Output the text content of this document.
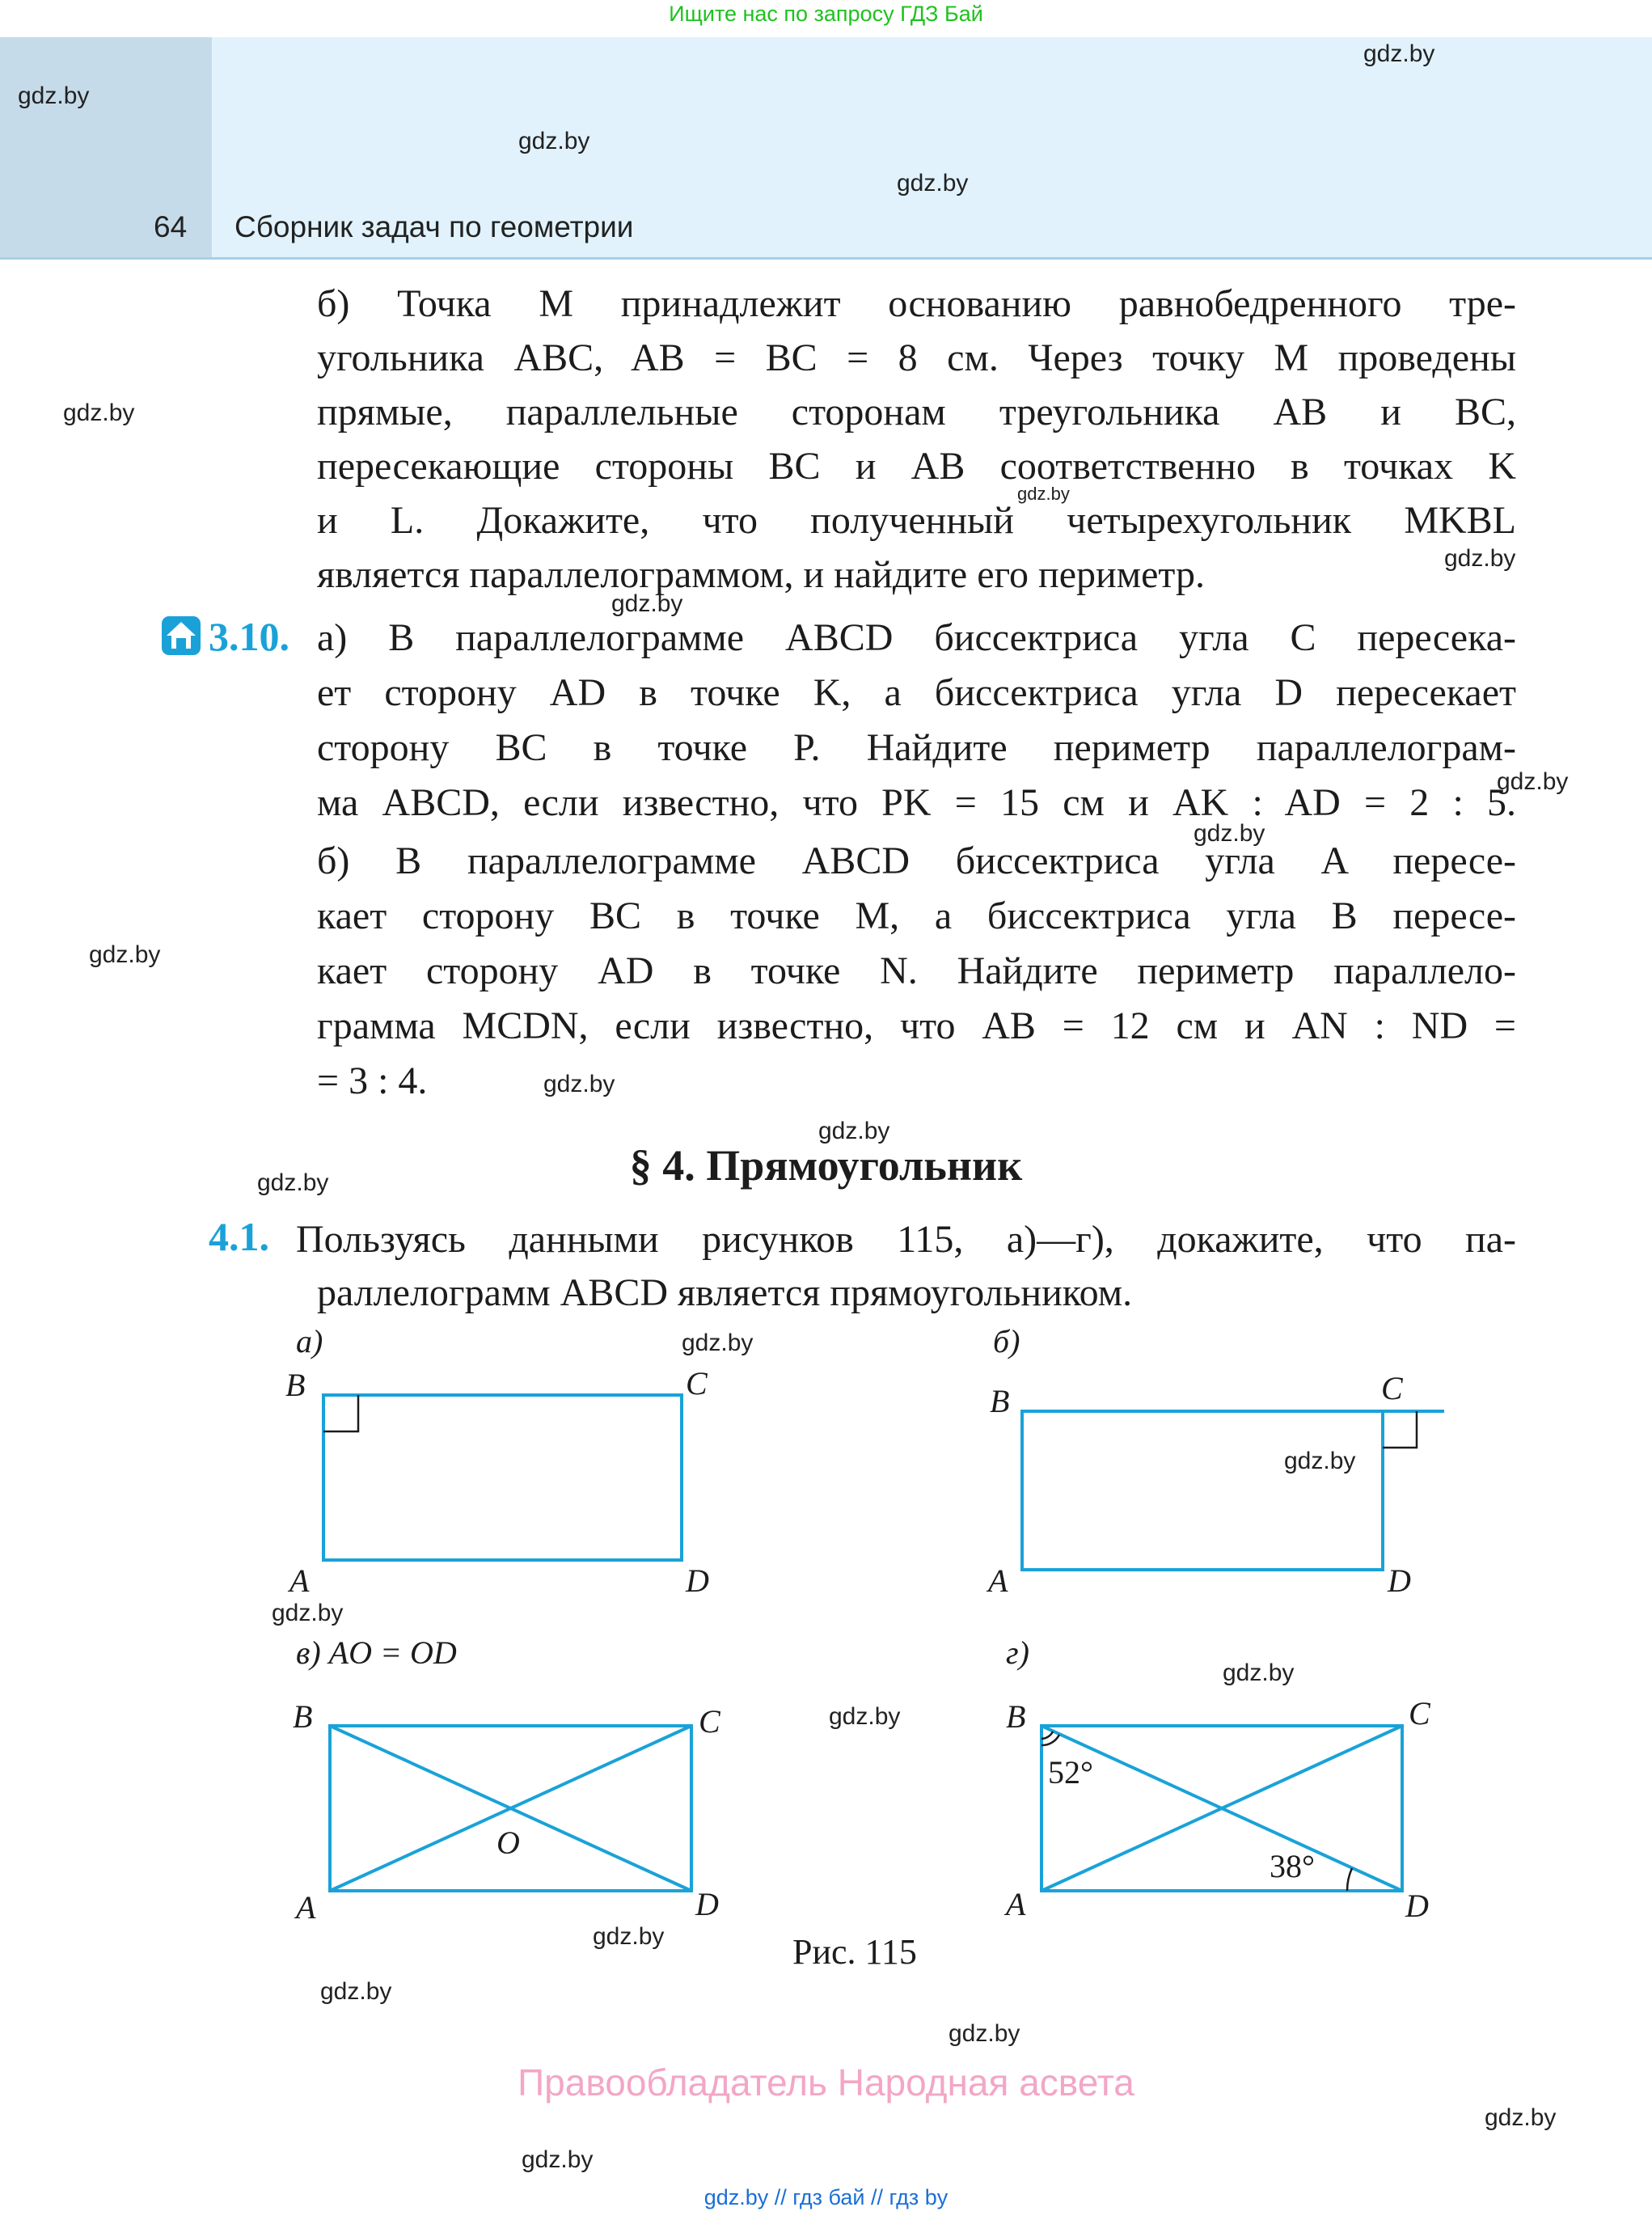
Ищите нас по запросу ГДЗ Бай
64 Сборник задач по геометрии
gdz.by
gdz.by
gdz.by
gdz.by
gdz.by
gdz.by
gdz.by
gdz.by
gdz.by
gdz.by
gdz.by
gdz.by
gdz.by
gdz.by
gdz.by
gdz.by
gdz.by
gdz.by
gdz.by
gdz.by
gdz.by
gdz.by
gdz.by
gdz.by
б) Точка M принадлежит основанию равнобедренного тре-
угольника ABC, AB = BC = 8 см. Через точку M проведены
прямые, параллельные сторонам треугольника AB и BC,
пересекающие стороны BC и AB соответственно в точках K
и L. Докажите, что полученный четырехугольник MKBL
является параллелограммом, и найдите его периметр.
3.10. а) В параллелограмме ABCD биссектриса угла C пересека-
ет сторону AD в точке K, а биссектриса угла D пересекает
сторону BC в точке P. Найдите периметр параллелограм-
ма ABCD, если известно, что PK = 15 см и AK : AD = 2 : 5.
б) В параллелограмме ABCD биссектриса угла A пересе-
кает сторону BC в точке M, а биссектриса угла B пересе-
кает сторону AD в точке N. Найдите периметр параллело-
грамма MCDN, если известно, что AB = 12 см и AN : ND =
= 3 : 4.
§ 4. Прямоугольник
4.1. Пользуясь данными рисунков 115, а)—г), докажите, что па-
раллелограмм ABCD является прямоугольником.
B	C
A	D
B	C
A	D
B	C
A	D
O
B	C
A	D
а)	б)
в) AO = OD	г)
52°
38°
Рис. 115
Правообладатель Народная асвета
gdz.by // гдз бай // гдз by
